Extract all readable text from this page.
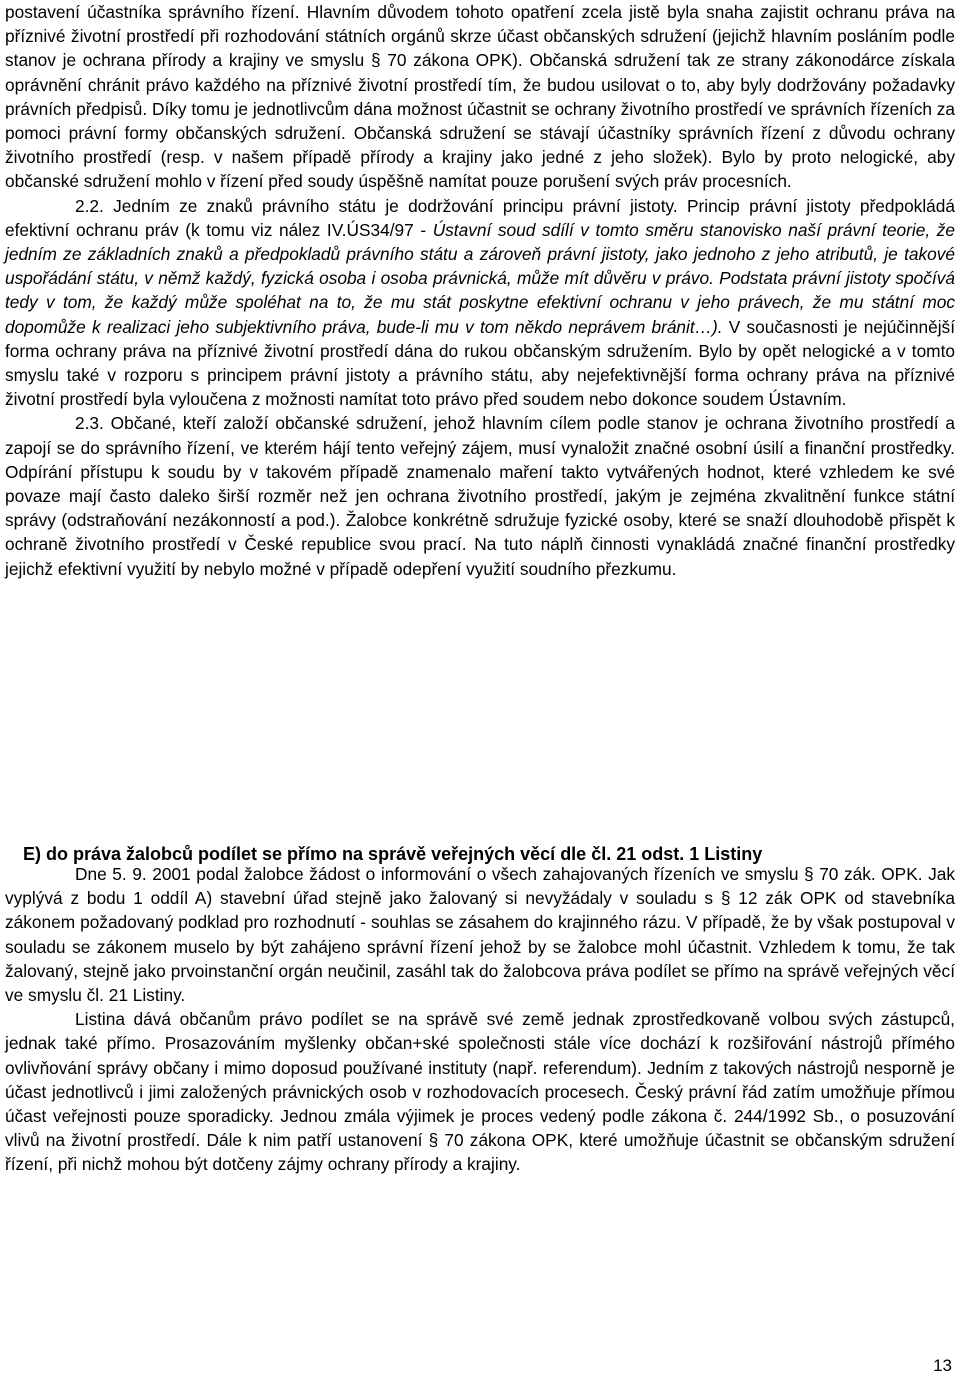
postavení účastníka správního řízení. Hlavním důvodem tohoto opatření zcela jistě byla snaha zajistit ochranu práva na příznivé životní prostředí při rozhodování státních orgánů skrze účast občanských sdružení (jejichž hlavním posláním podle stanov je ochrana přírody a krajiny ve smyslu § 70 zákona OPK). Občanská sdružení tak ze strany zákonodárce získala oprávnění chránit právo každého na příznivé životní prostředí tím, že budou usilovat o to, aby byly dodržovány požadavky právních předpisů. Díky tomu je jednotlivcům dána možnost účastnit se ochrany životního prostředí ve správních řízeních za pomoci právní formy občanských sdružení. Občanská sdružení se stávají účastníky správních řízení z důvodu ochrany životního prostředí (resp. v našem případě přírody a krajiny jako jedné z jeho složek). Bylo by proto nelogické, aby občanské sdružení mohlo v řízení před soudy úspěšně namítat pouze porušení svých práv procesních.

2.2. Jedním ze znaků právního státu je dodržování principu právní jistoty. Princip právní jistoty předpokládá efektivní ochranu práv (k tomu viz nález IV.ÚS34/97 - Ústavní soud sdílí v tomto směru stanovisko naší právní teorie, že jedním ze základních znaků a předpokladů právního státu a zároveň právní jistoty, jako jednoho z jeho atributů, je takové uspořádání státu, v němž každý, fyzická osoba i osoba právnická, může mít důvěru v právo. Podstata právní jistoty spočívá tedy v tom, že každý může spoléhat na to, že mu stát poskytne efektivní ochranu v jeho právech, že mu státní moc dopomůže k realizaci jeho subjektivního práva, bude-li mu v tom někdo neprávem bránit…). V současnosti je nejúčinnější forma ochrany práva na příznivé životní prostředí dána do rukou občanským sdružením. Bylo by opět nelogické a v tomto smyslu také v rozporu s principem právní jistoty a právního státu, aby nejefektivnější forma ochrany práva na příznivé životní prostředí byla vyloučena z možnosti namítat toto právo před soudem nebo dokonce soudem Ústavním.

2.3. Občané, kteří založí občanské sdružení, jehož hlavním cílem podle stanov je ochrana životního prostředí a zapojí se do správního řízení, ve kterém hájí tento veřejný zájem, musí vynaložit značné osobní úsilí a finanční prostředky. Odpírání přístupu k soudu by v takovém případě znamenalo maření takto vytvářených hodnot, které vzhledem ke své povaze mají často daleko širší rozměr než jen ochrana životního prostředí, jakým je zejména zkvalitnění funkce státní správy (odstraňování nezákonností a pod.). Žalobce konkrétně sdružuje fyzické osoby, které se snaží dlouhodobě přispět k ochraně životního prostředí v České republice svou prací. Na tuto náplň činnosti vynakládá značné finanční prostředky jejichž efektivní využití by nebylo možné v případě odepření využití soudního přezkumu.

E) do práva žalobců podílet se přímo na správě veřejných věcí dle čl. 21 odst. 1 Listiny

Dne 5. 9. 2001 podal žalobce žádost o informování o všech zahajovaných řízeních ve smyslu § 70 zák. OPK. Jak vyplývá z bodu 1 oddíl A) stavební úřad stejně jako žalovaný si nevyžádaly v souladu s § 12 zák OPK od stavebníka zákonem požadovaný podklad pro rozhodnutí - souhlas se zásahem do krajinného rázu. V případě, že by však postupoval v souladu se zákonem muselo by být zahájeno správní řízení jehož by se žalobce mohl účastnit. Vzhledem k tomu, že tak žalovaný, stejně jako prvoinstanční orgán neučinil, zasáhl tak do žalobcova práva podílet se přímo na správě veřejných věcí ve smyslu čl. 21 Listiny.

Listina dává občanům právo podílet se na správě své země jednak zprostředkovaně volbou svých zástupců, jednak také přímo. Prosazováním myšlenky občan+ské společnosti stále více dochází k rozšiřování nástrojů přímého ovlivňování správy občany i mimo doposud používané instituty (např. referendum). Jedním z takových nástrojů nesporně je účast jednotlivců i jimi založených právnických osob v rozhodovacích procesech. Český právní řád zatím umožňuje přímou účast veřejnosti pouze sporadicky. Jednou zmála výjimek je proces vedený podle zákona č. 244/1992 Sb., o posuzování vlivů na životní prostředí. Dále k nim patří ustanovení § 70 zákona OPK, které umožňuje účastnit se občanským sdružení řízení, při nichž mohou být dotčeny zájmy ochrany přírody a krajiny.

13
